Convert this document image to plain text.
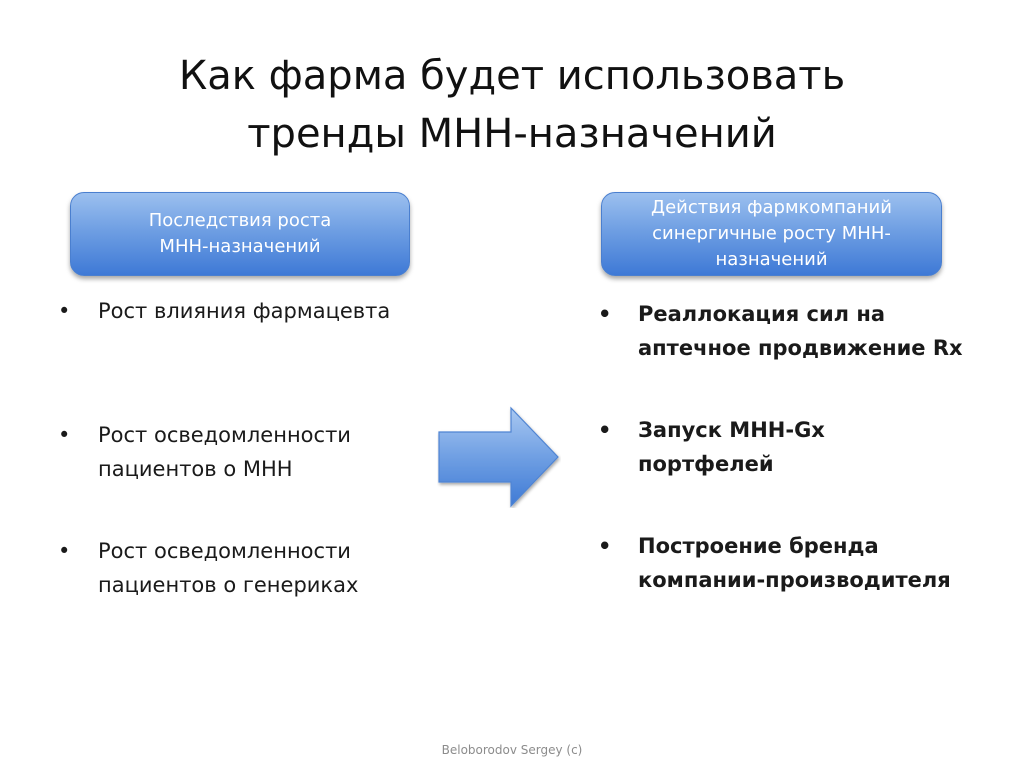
Как фарма будет использовать
тренды МНН-назначений
Последствия роста
МНН-назначений
Действия фармкомпаний
синергичные росту МНН-
назначений
•	Рост влияния фармацевта
•	Рост осведомленности
пациентов о МНН
•	Рост осведомленности
пациентов о генериках
•	Реаллокация сил на
аптечное продвижение Rx
•	Запуск МНН-Gx
портфелей
•	Построение бренда
компании-производителя
Beloborodov Sergey (c)
